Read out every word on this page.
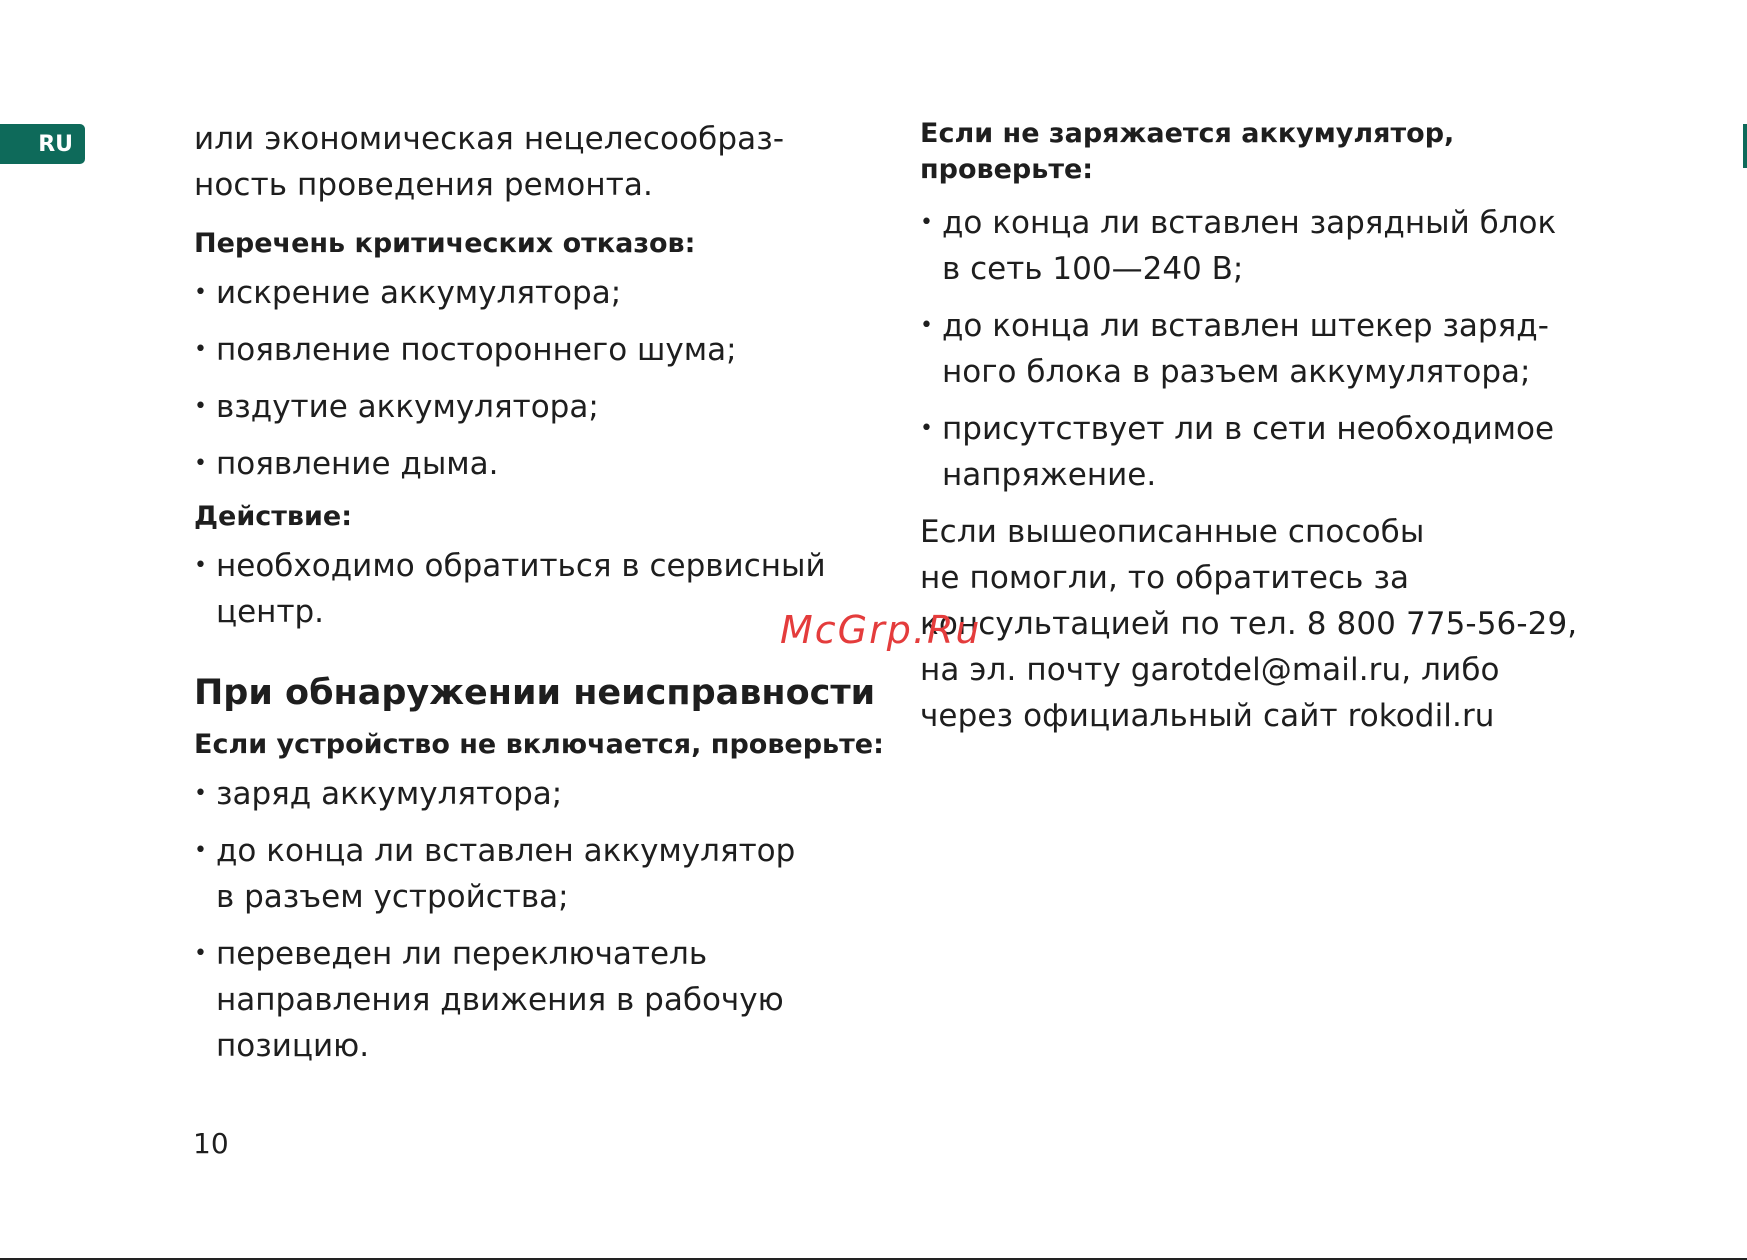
RU	или экономическая нецелесообраз-

ность проведения ремонта.

Перечень критических отказов:

• искрение аккумулятора;
• появление постороннего шума;
• вздутие аккумулятора;
• появление дыма.

Действие:

• необходимо обратиться в сервисный
центр.

При обнаружении неисправности

Если устройство не включается, проверьте:

• заряд аккумулятора;
• до конца ли вставлен аккумулятор
в разъем устройства;
• переведен ли переключатель
направления движения в рабочую
позицию.

Если не заряжается аккумулятор,
проверьте:

• до конца ли вставлен зарядный блок
в сеть 100—240 В;
• до конца ли вставлен штекер заряд-
ного блока в разъем аккумулятора;
• присутствует ли в сети необходимое
напряжение.

Если вышеописанные способы

не помогли, то обратитесь за

консультацией по тел. 8 800 775-56-29,

на эл. почту garotdel@mail.ru, либо

через официальный сайт rokodil.ru

McGrp.Ru
10
